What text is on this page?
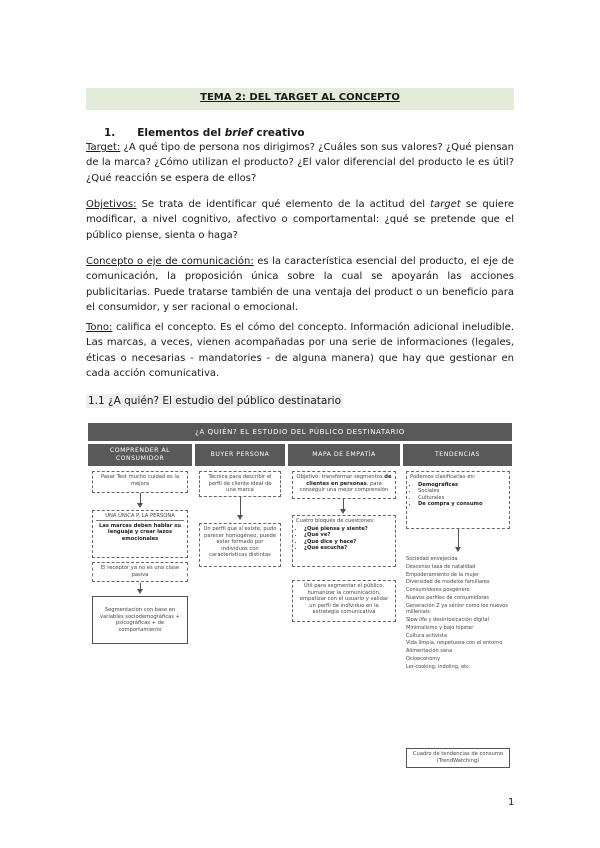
TEMA 2: DEL TARGET AL CONCEPTO
1. Elementos del brief creativo
Target: ¿A qué tipo de persona nos dirigimos? ¿Cuáles son sus valores? ¿Qué piensan de la marca? ¿Cómo utilizan el producto? ¿El valor diferencial del producto le es útil? ¿Qué reacción se espera de ellos?
Objetivos: Se trata de identificar qué elemento de la actitud del target se quiere modificar, a nivel cognitivo, afectivo o comportamental: ¿qué se pretende que el público piense, sienta o haga?
Concepto o eje de comunicación: es la característica esencial del producto, el eje de comunicación, la proposición única sobre la cual se apoyarán las acciones publicitarias. Puede tratarse también de una ventaja del product o un beneficio para el consumidor, y ser racional o emocional.
Tono: califica el concepto. Es el cómo del concepto. Información adicional ineludible. Las marcas, a veces, vienen acompañadas por una serie de informaciones (legales, éticas o necesarias - mandatories - de alguna manera) que hay que gestionar en cada acción comunicativa.
1.1 ¿A quién? El estudio del público destinatario
¿A QUIÉN? EL ESTUDIO DEL PÚBLICO DESTINATARIO
COMPRENDER AL CONSUMIDOR
BUYER PERSONA	MAPA DE EMPATÍA	TENDENCIAS
Pasar Test mucho cuidad es la mejora
UNA ÚNICA P. LA PERSONA
Las marcas deben hablar su lenguaje y crear lazos emocionales
El receptor ya no es una clase pasiva
Segmentación con base en variables sociodemográficas + psicográficas + de comportamiento
Técnica para describir el perfil de cliente ideal de una marca
Un perfil que sí existe, pudo parecer homogéneo, puede estar formado por individuos con características distintas
Objetivo: transformar segmentos de clientes en personas, para conseguir una mejor comprensión
Cuatro bloques de cuestiones:
• ¿Qué piensa y siente?
• ¿Qué ve?
• ¿Qué dice y hace?
• ¿Qué escucha?
Útil para segmentar el público, humanizar la comunicación, empatizar con el usuario y validar un perfil de individuo en la estrategia comunicativa
Podemos clasificarlas en:
• Demográficas
• Sociales
• Culturales
• De compra y consumo
Sociedad envejecida
Descenso tasa de natalidad
Empoderamiento de la mujer
Diversidad de modelos familiares
Consumidores posgénero
Nuevos perfiles de consumidores
Generación Z ya sénior como los nuevos millenials
Slow life y desintoxicación digital
Minimalismo y bajo hipster
Cultura activista
Vida limpia, respetuosa con el entorno
Alimentación sana
Ocioeconomy
Ler-cooking, indoling, etc.
Cuadro de tendencias de consumo (TrendWatching)
1
